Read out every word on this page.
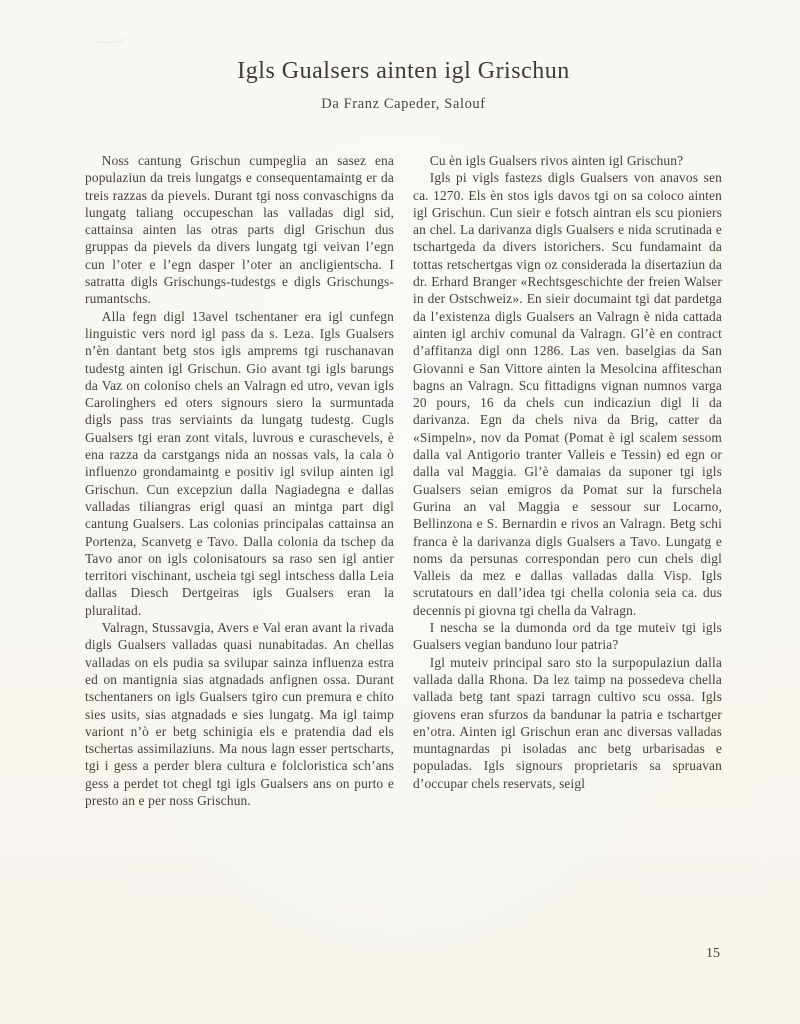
Igls Gualsers ainten igl Grischun
Da Franz Capeder, Salouf

Noss cantung Grischun cumpeglia an sasez ena populaziun da treis lungatgs e consequentamaintg er da treis razzas da pievels. Durant tgi noss convaschigns da lungatg taliang occupeschan las valladas digl sid, cattainsa ainten las otras parts digl Grischun dus gruppas da pievels da divers lungatg tgi veivan l’egn cun l’oter e l’egn dasper l’oter an ancligientscha. I satratta digls Grischungs-tudestgs e digls Grischungs-rumantschs.

Alla fegn digl 13avel tschentaner era igl cunfegn linguistic vers nord igl pass da s. Leza. Igls Gualsers n’èn dantant betg stos igls amprems tgi ruschanavan tudestg ainten igl Grischun. Gio avant tgi igls barungs da Vaz on coloniso chels an Valragn ed utro, vevan igls Carolinghers ed oters signours siero la surmuntada digls pass tras serviaints da lungatg tudestg. Cugls Gualsers tgi eran zont vitals, luvrous e curaschevels, è ena razza da carstgangs nida an nossas vals, la cala ò influenzo grondamaintg e positiv igl svilup ainten igl Grischun. Cun excepziun dalla Nagiadegna e dallas valladas tiliangras erigl quasi an mintga part digl cantung Gualsers. Las colonias principalas cattainsa an Portenza, Scanvetg e Tavo. Dalla colonia da tschep da Tavo anor on igls colonisatours sa raso sen igl antier territori vischinant, uscheia tgi segl intschess dalla Leia dallas Diesch Dertgeiras igls Gualsers eran la pluralitad.

Valragn, Stussavgia, Avers e Val eran avant la rivada digls Gualsers valladas quasi nunabitadas. An chellas valladas on els pudia sa svilupar sainza influenza estra ed on mantignia sias atgnadads anfignen ossa. Durant tschentaners on igls Gualsers tgiro cun premura e chito sies usits, sias atgnadads e sies lungatg. Ma igl taimp variont n’ò er betg schinigia els e pratendia dad els tschertas assimilaziuns. Ma nous lagn esser pertscharts, tgi i gess a perder blera cultura e folcloristica sch’ans gess a perdet tot chegl tgi igls Gualsers ans on purto e presto an e per noss Grischun.

Cu èn igls Gualsers rivos ainten igl Grischun?

Igls pi vigls fastezs digls Gualsers von anavos sen ca. 1270. Els èn stos igls davos tgi on sa coloco ainten igl Grischun. Cun sieir e fotsch aintran els scu pioniers an chel. La darivanza digls Gualsers e nida scrutinada e tschartgeda da divers istorichers. Scu fundamaint da tottas retschertgas vign oz considerada la disertaziun da dr. Erhard Branger «Rechtsgeschichte der freien Walser in der Ostschweiz». En sieir documaint tgi dat pardetga da l’existenza digls Gualsers an Valragn è nida cattada ainten igl archiv comunal da Valragn. Gl’è en contract d’affitanza digl onn 1286. Las ven. baselgias da San Giovanni e San Vittore ainten la Mesolcina affiteschan bagns an Valragn. Scu fittadigns vignan numnos varga 20 pours, 16 da chels cun indicaziun digl li da darivanza. Egn da chels niva da Brig, catter da «Simpeln», nov da Pomat (Pomat è igl scalem sessom dalla val Antigorio tranter Valleis e Tessin) ed egn or dalla val Maggia. Gl’è damaias da suponer tgi igls Gualsers seian emigros da Pomat sur la furschela Gurina an val Maggia e sessour sur Locarno, Bellinzona e S. Bernardin e rivos an Valragn. Betg schi franca è la darivanza digls Gualsers a Tavo. Lungatg e noms da persunas correspondan pero cun chels digl Valleis da mez e dallas valladas dalla Visp. Igls scrutatours en dall’idea tgi chella colonia seia ca. dus decennis pi giovna tgi chella da Valragn.

I nescha se la dumonda ord da tge muteiv tgi igls Gualsers vegian banduno lour patria?

Igl muteiv principal saro sto la surpopulaziun dalla vallada dalla Rhona. Da lez taimp na possedeva chella vallada betg tant spazi tarragn cultivo scu ossa. Igls giovens eran sfurzos da bandunar la patria e tschartger en’otra. Ainten igl Grischun eran anc diversas valladas muntagnardas pi isoladas anc betg urbarisadas e populadas. Igls signours proprietaris sa spruavan d’occupar chels reservats, seigl

15
